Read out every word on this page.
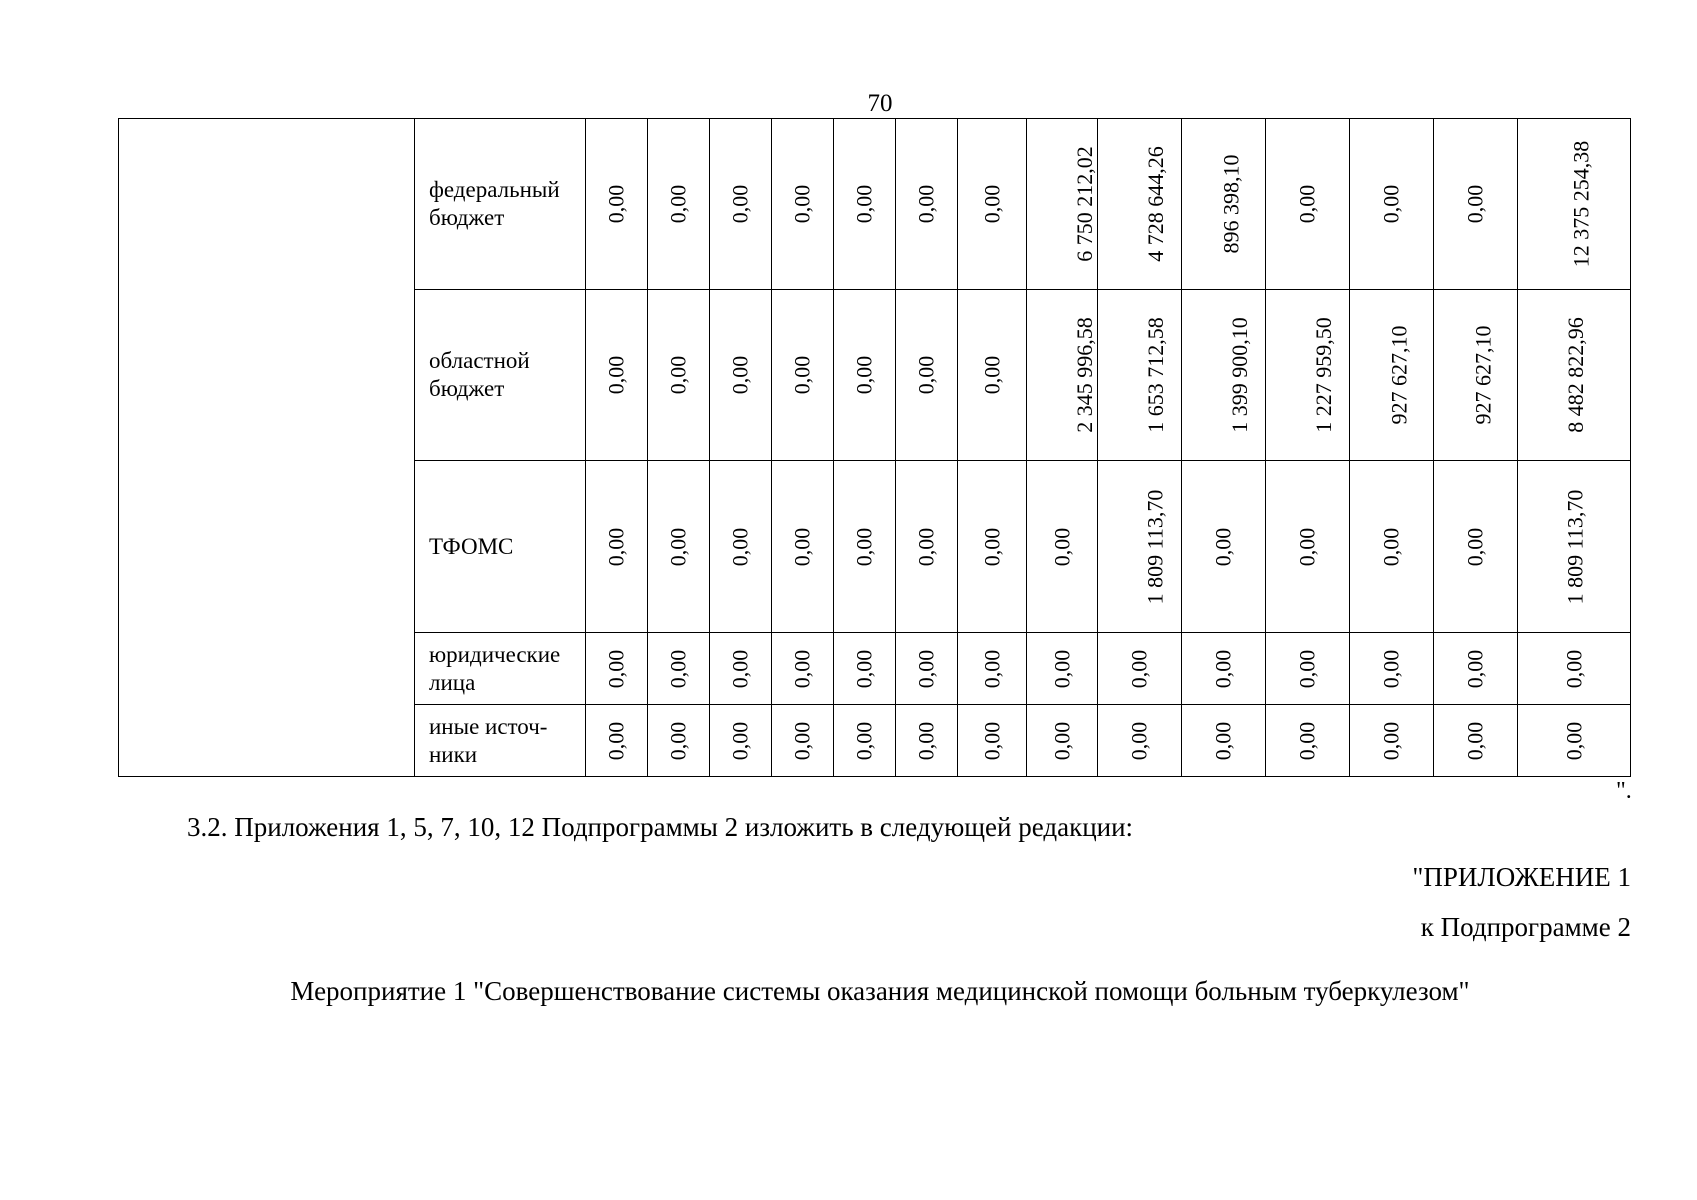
70
	федеральный бюджет	0,00	0,00	0,00	0,00	0,00	0,00	0,00	6 750 212,02	4 728 644,26	896 398,10	0,00	0,00	0,00	12 375 254,38
	областной бюджет	0,00	0,00	0,00	0,00	0,00	0,00	0,00	2 345 996,58	1 653 712,58	1 399 900,10	1 227 959,50	927 627,10	927 627,10	8 482 822,96
	ТФОМС	0,00	0,00	0,00	0,00	0,00	0,00	0,00	0,00	1 809 113,70	0,00	0,00	0,00	0,00	1 809 113,70
	юридические лица	0,00	0,00	0,00	0,00	0,00	0,00	0,00	0,00	0,00	0,00	0,00	0,00	0,00	0,00
	иные источ-ники	0,00	0,00	0,00	0,00	0,00	0,00	0,00	0,00	0,00	0,00	0,00	0,00	0,00	0,00
".
3.2. Приложения 1, 5, 7, 10, 12 Подпрограммы 2 изложить в следующей редакции:
"ПРИЛОЖЕНИЕ 1
к Подпрограмме 2
Мероприятие 1 "Совершенствование системы оказания медицинской помощи больным туберкулезом"
